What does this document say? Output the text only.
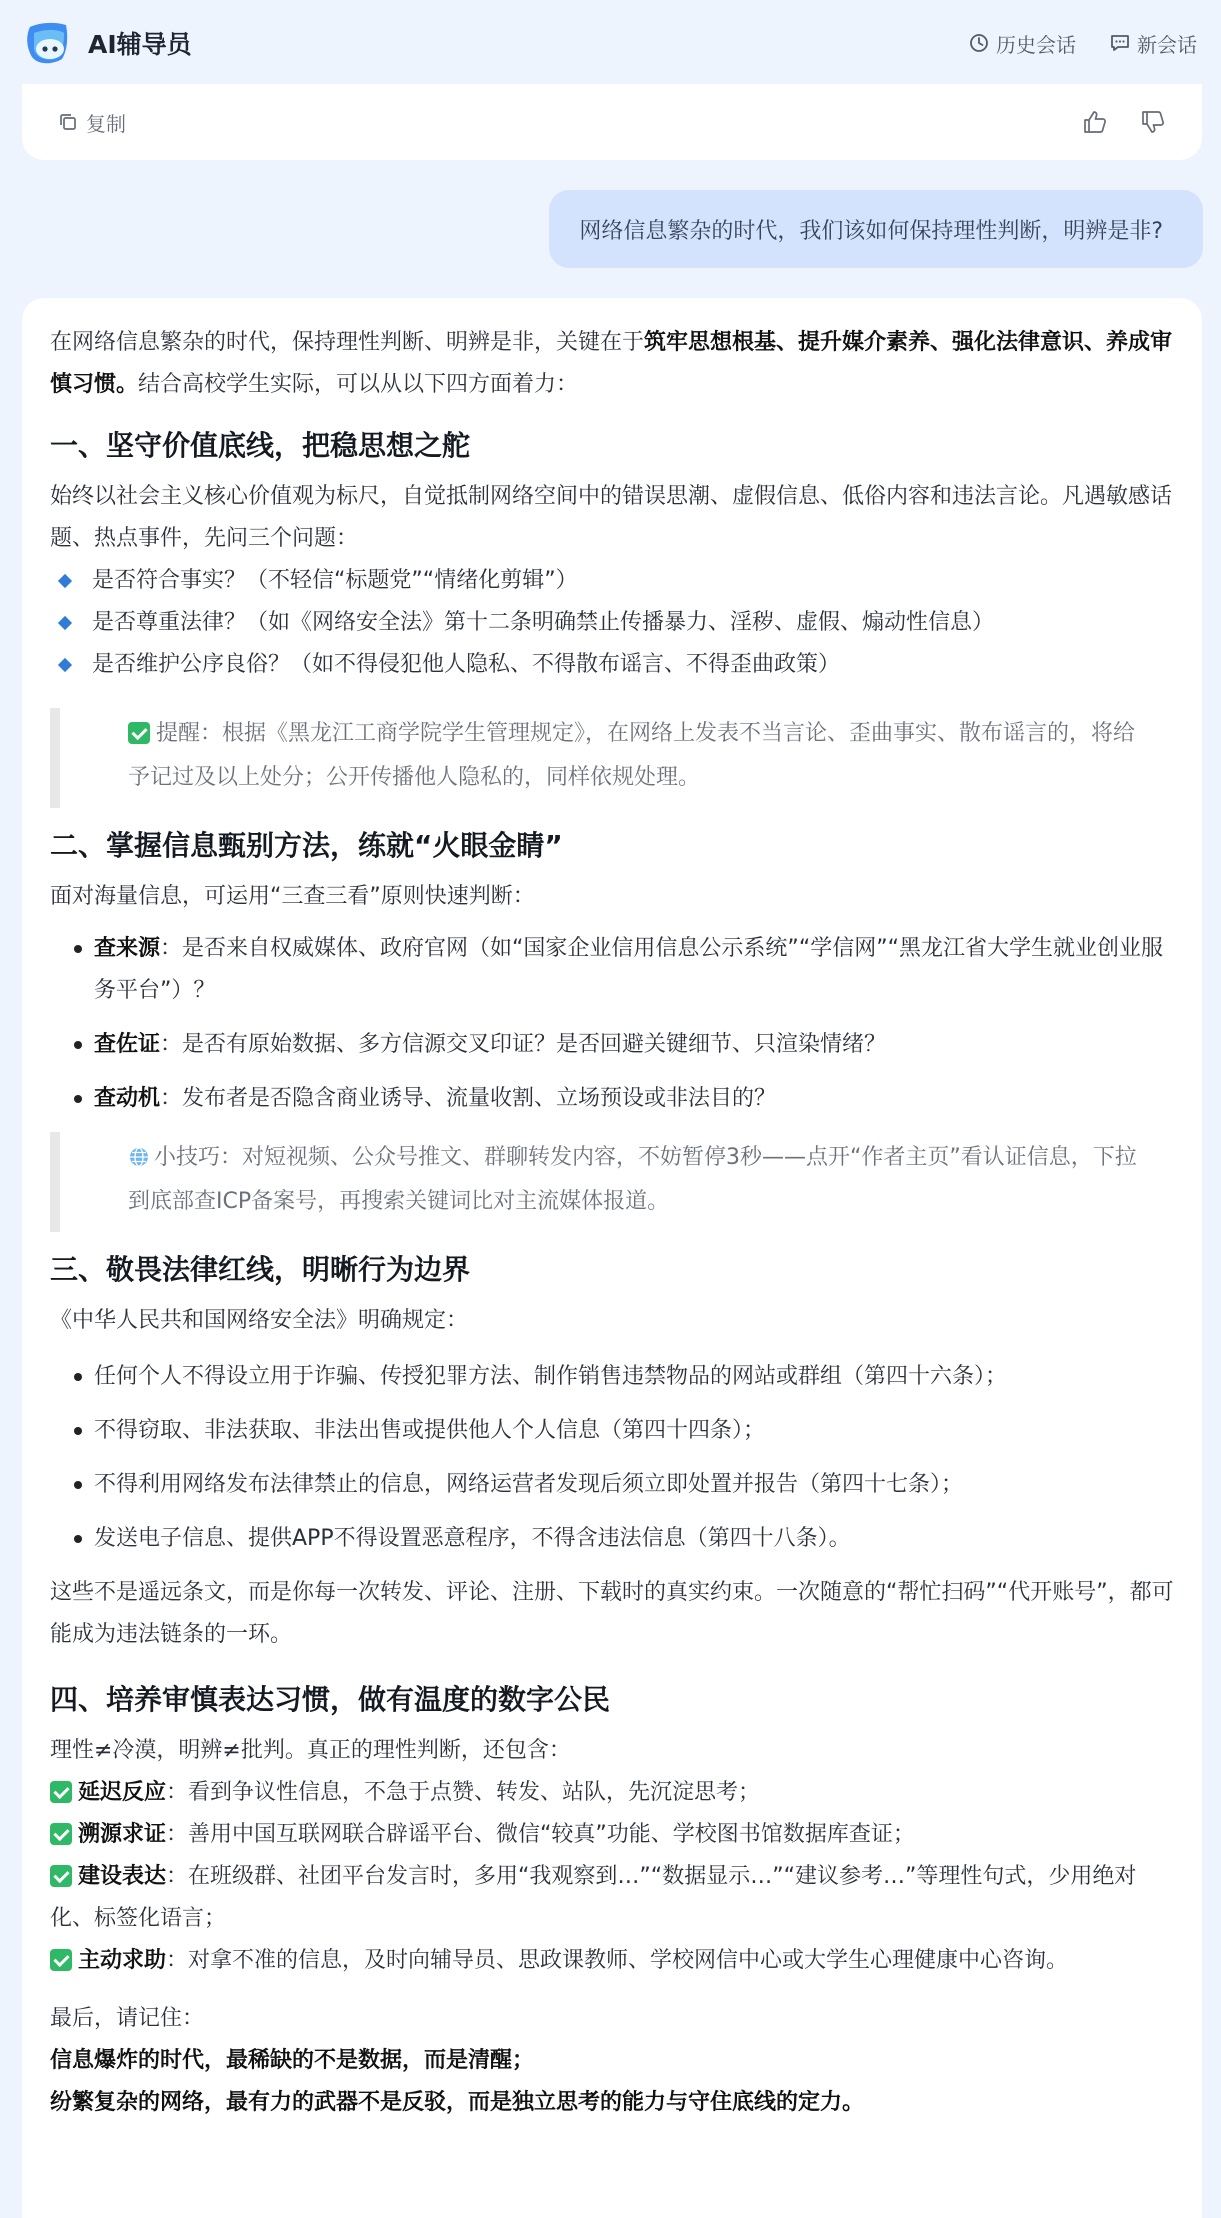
AI辅导员	历史会话	新会话
复制
网络信息繁杂的时代，我们该如何保持理性判断，明辨是非?
在网络信息繁杂的时代，保持理性判断、明辨是非，关键在于筑牢思想根基、提升媒介素养、强化法律意识、养成审慎习惯。结合高校学生实际，可以从以下四方面着力：
一、坚守价值底线，把稳思想之舵
始终以社会主义核心价值观为标尺，自觉抵制网络空间中的错误思潮、虚假信息、低俗内容和违法言论。凡遇敏感话题、热点事件，先问三个问题：
是否符合事实？（不轻信“标题党”“情绪化剪辑”）
是否尊重法律？（如《网络安全法》第十二条明确禁止传播暴力、淫秽、虚假、煽动性信息）
是否维护公序良俗？（如不得侵犯他人隐私、不得散布谣言、不得歪曲政策）
提醒：根据《黑龙江工商学院学生管理规定》，在网络上发表不当言论、歪曲事实、散布谣言的，将给予记过及以上处分；公开传播他人隐私的，同样依规处理。
二、掌握信息甄别方法，练就“火眼金睛”
面对海量信息，可运用“三查三看”原则快速判断：
查来源：是否来自权威媒体、政府官网（如“国家企业信用信息公示系统”“学信网”“黑龙江省大学生就业创业服务平台”）？
查佐证：是否有原始数据、多方信源交叉印证？是否回避关键细节、只渲染情绪？
查动机：发布者是否隐含商业诱导、流量收割、立场预设或非法目的？
小技巧：对短视频、公众号推文、群聊转发内容，不妨暂停3秒——点开“作者主页”看认证信息，下拉到底部查ICP备案号，再搜索关键词比对主流媒体报道。
三、敬畏法律红线，明晰行为边界
《中华人民共和国网络安全法》明确规定：
任何个人不得设立用于诈骗、传授犯罪方法、制作销售违禁物品的网站或群组（第四十六条）；
不得窃取、非法获取、非法出售或提供他人个人信息（第四十四条）；
不得利用网络发布法律禁止的信息，网络运营者发现后须立即处置并报告（第四十七条）；
发送电子信息、提供APP不得设置恶意程序，不得含违法信息（第四十八条）。
这些不是遥远条文，而是你每一次转发、评论、注册、下载时的真实约束。一次随意的“帮忙扫码”“代开账号”，都可能成为违法链条的一环。
四、培养审慎表达习惯，做有温度的数字公民
理性≠冷漠，明辨≠批判。真正的理性判断，还包含：
延迟反应：看到争议性信息，不急于点赞、转发、站队，先沉淀思考；
溯源求证：善用中国互联网联合辟谣平台、微信“较真”功能、学校图书馆数据库查证；
建设表达：在班级群、社团平台发言时，多用“我观察到…”“数据显示…”“建议参考…”等理性句式，少用绝对化、标签化语言；
主动求助：对拿不准的信息，及时向辅导员、思政课教师、学校网信中心或大学生心理健康中心咨询。
最后，请记住：
信息爆炸的时代，最稀缺的不是数据，而是清醒；
纷繁复杂的网络，最有力的武器不是反驳，而是独立思考的能力与守住底线的定力。
